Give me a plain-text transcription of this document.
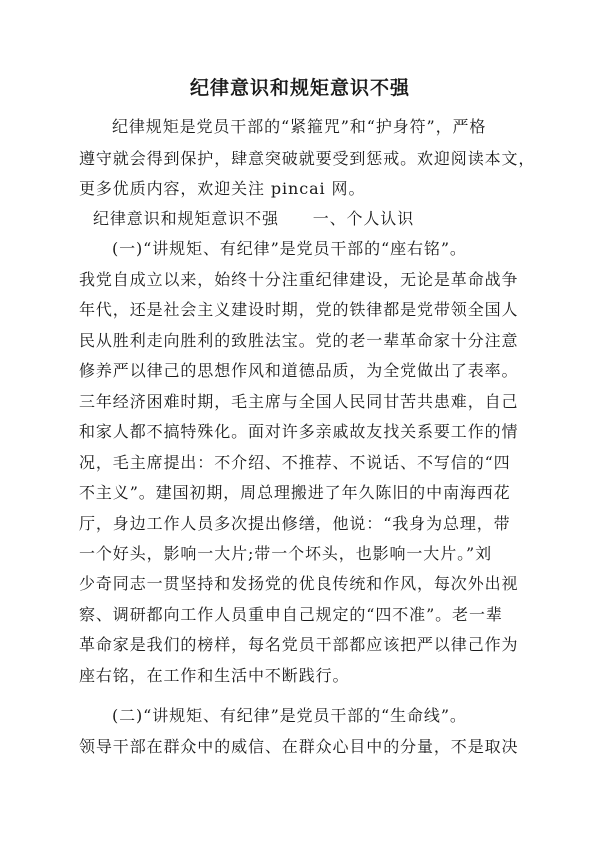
纪律意识和规矩意识不强
纪律规矩是党员干部的“紧箍咒”和“护身符”，严格
遵守就会得到保护，肆意突破就要受到惩戒。欢迎阅读本文，
更多优质内容，欢迎关注 pincai 网。
纪律意识和规矩意识不强　　一、个人认识
(一)“讲规矩、有纪律”是党员干部的“座右铭”。
我党自成立以来，始终十分注重纪律建设，无论是革命战争
年代，还是社会主义建设时期，党的铁律都是党带领全国人
民从胜利走向胜利的致胜法宝。党的老一辈革命家十分注意
修养严以律己的思想作风和道德品质，为全党做出了表率。
三年经济困难时期，毛主席与全国人民同甘苦共患难，自己
和家人都不搞特殊化。面对许多亲戚故友找关系要工作的情
况，毛主席提出：不介绍、不推荐、不说话、不写信的“四
不主义”。建国初期，周总理搬进了年久陈旧的中南海西花
厅，身边工作人员多次提出修缮，他说：“我身为总理，带
一个好头，影响一大片;带一个坏头，也影响一大片。”刘
少奇同志一贯坚持和发扬党的优良传统和作风，每次外出视
察、调研都向工作人员重申自己规定的“四不准”。老一辈
革命家是我们的榜样，每名党员干部都应该把严以律己作为
座右铭，在工作和生活中不断践行。
(二)“讲规矩、有纪律”是党员干部的“生命线”。
领导干部在群众中的威信、在群众心目中的分量，不是取决
